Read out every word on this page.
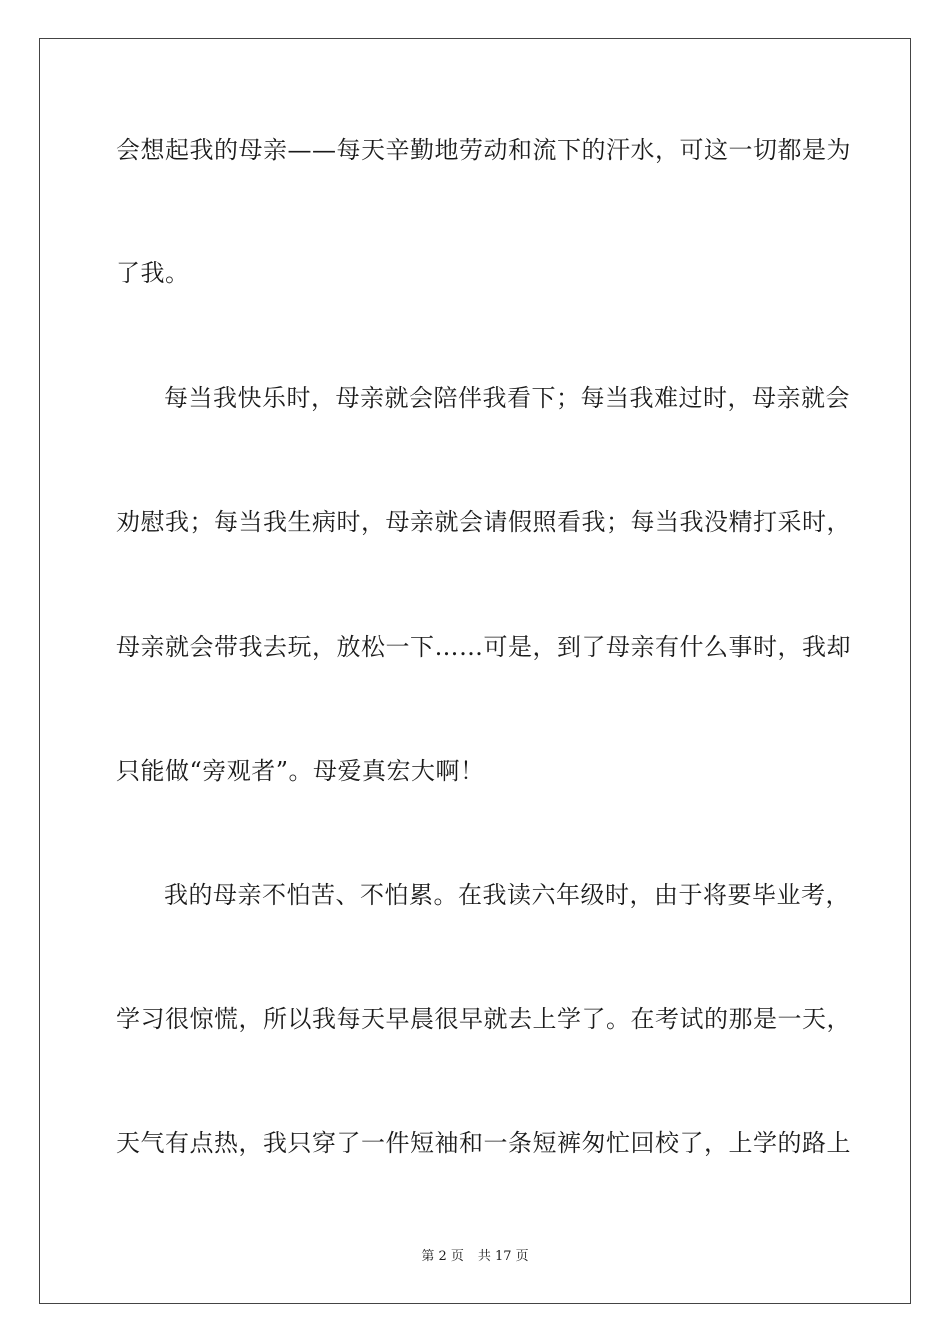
会想起我的母亲——每天辛勤地劳动和流下的汗水，可这一切都是为
了我。
每当我快乐时，母亲就会陪伴我看下；每当我难过时，母亲就会
劝慰我；每当我生病时，母亲就会请假照看我；每当我没精打采时，
母亲就会带我去玩，放松一下……可是，到了母亲有什么事时，我却
只能做“旁观者”。母爱真宏大啊！
我的母亲不怕苦、不怕累。在我读六年级时，由于将要毕业考，
学习很惊慌，所以我每天早晨很早就去上学了。在考试的那是一天，
天气有点热，我只穿了一件短袖和一条短裤匆忙回校了，上学的路上
第 2 页 共 17 页
